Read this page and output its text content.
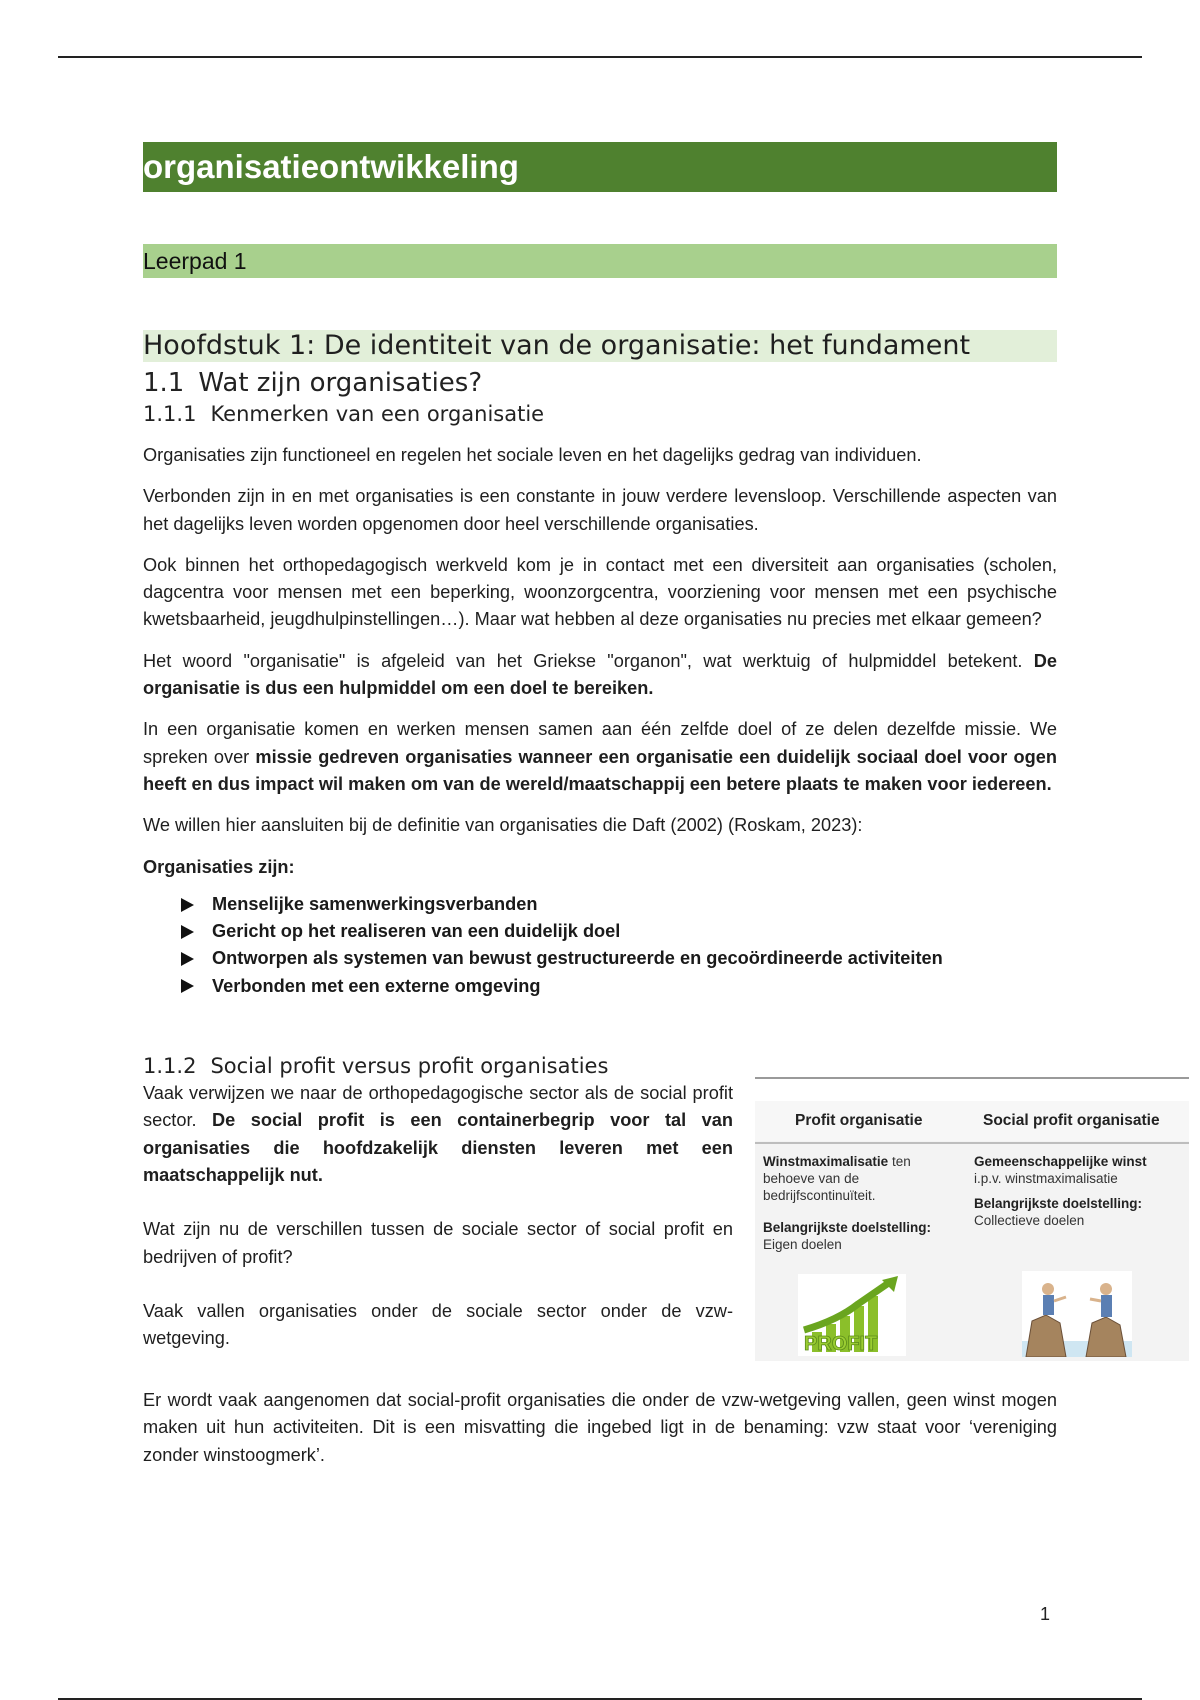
organisatieontwikkeling
Leerpad 1
Hoofdstuk 1: De identiteit van de organisatie: het fundament
1.1 Wat zijn organisaties?
1.1.1 Kenmerken van een organisatie

Organisaties zijn functioneel en regelen het sociale leven en het dagelijks gedrag van individuen.

Verbonden zijn in en met organisaties is een constante in jouw verdere levensloop. Verschillende aspecten van het dagelijks leven worden opgenomen door heel verschillende organisaties.

Ook binnen het orthopedagogisch werkveld kom je in contact met een diversiteit aan organisaties (scholen, dagcentra voor mensen met een beperking, woonzorgcentra, voorziening voor mensen met een psychische kwetsbaarheid, jeugdhulpinstellingen…). Maar wat hebben al deze organisaties nu precies met elkaar gemeen?

Het woord "organisatie" is afgeleid van het Griekse "organon", wat werktuig of hulpmiddel betekent. De organisatie is dus een hulpmiddel om een doel te bereiken.

In een organisatie komen en werken mensen samen aan één zelfde doel of ze delen dezelfde missie. We spreken over missie gedreven organisaties wanneer een organisatie een duidelijk sociaal doel voor ogen heeft en dus impact wil maken om van de wereld/maatschappij een betere plaats te maken voor iedereen.

We willen hier aansluiten bij de definitie van organisaties die Daft (2002) (Roskam, 2023):

Organisaties zijn:

Menselijke samenwerkingsverbanden
Gericht op het realiseren van een duidelijk doel
Ontworpen als systemen van bewust gestructureerde en gecoördineerde activiteiten
Verbonden met een externe omgeving
1.1.2 Social profit versus profit organisaties

Vaak verwijzen we naar de orthopedagogische sector als de social profit sector. De social profit is een containerbegrip voor tal van organisaties die hoofdzakelijk diensten leveren met een maatschappelijk nut.

Wat zijn nu de verschillen tussen de sociale sector of social profit en bedrijven of profit?

Vaak vallen organisaties onder de sociale sector onder de vzw-wetgeving.

Profit organisatie	Social profit organisatie
Winstmaximalisatie ten behoeve van de bedrijfscontinuïteit.
Belangrijkste doelstelling:
Eigen doelen
Gemeenschappelijke winst
i.p.v. winstmaximalisatie
Belangrijkste doelstelling:
Collectieve doelen
PROFIT

Er wordt vaak aangenomen dat social-profit organisaties die onder de vzw-wetgeving vallen, geen winst mogen maken uit hun activiteiten. Dit is een misvatting die ingebed ligt in de benaming: vzw staat voor ‘vereniging zonder winstoogmerk’.

1
